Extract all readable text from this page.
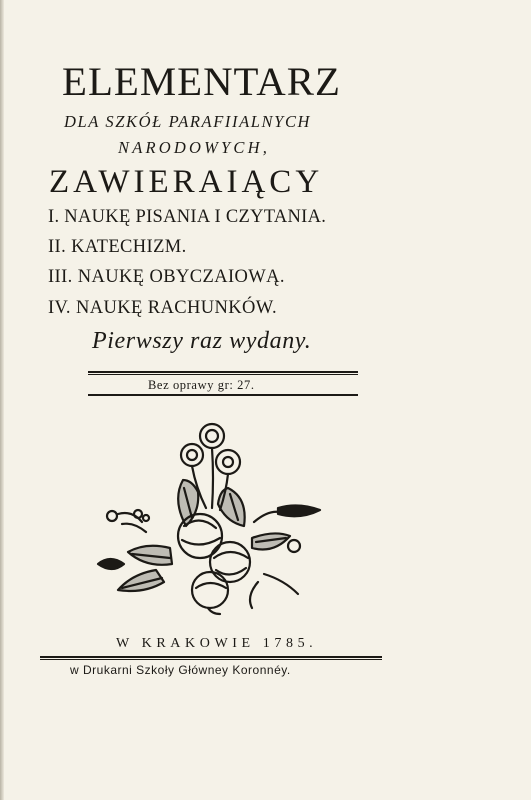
ELEMENTARZ
DLA SZKÓŁ PARAFIIALNYCH
NARODOWYCH,
ZAWIERAIĄCY
I. NAUKĘ PISANIA I CZYTANIA.
II. KATECHIZM.
III. NAUKĘ OBYCZAIOWĄ.
IV. NAUKĘ RACHUNKÓW.
Pierwszy raz wydany.
Bez oprawy gr: 27.
W KRAKOWIE 1785.
w Drukarni Szkoły Główney Koronnéy.
